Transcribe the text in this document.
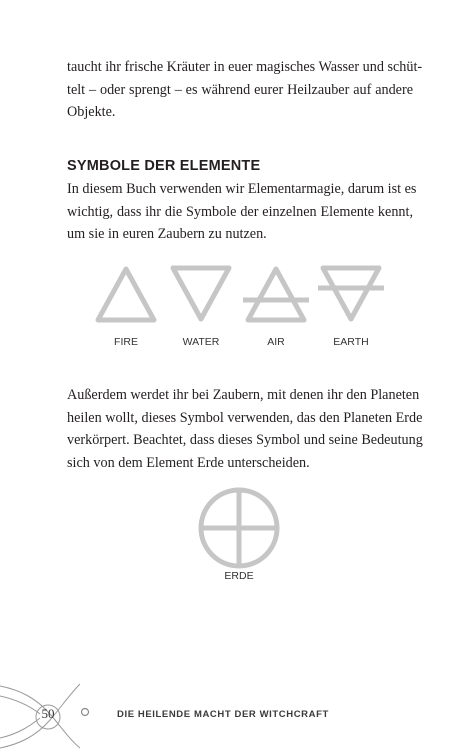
taucht ihr frische Kräuter in euer magisches Wasser und schüt-
telt – oder sprengt – es während eurer Heilzauber auf andere
Objekte.

SYMBOLE DER ELEMENTE

In diesem Buch verwenden wir Elementarmagie, darum ist es
wichtig, dass ihr die Symbole der einzelnen Elemente kennt,
um sie in euren Zaubern zu nutzen.

FIRE	WATER	AIR	EARTH

Außerdem werdet ihr bei Zaubern, mit denen ihr den Planeten
heilen wollt, dieses Symbol verwenden, das den Planeten Erde
verkörpert. Beachtet, dass dieses Symbol und seine Bedeutung
sich von dem Element Erde unterscheiden.

ERDE
50	DIE HEILENDE MACHT DER WITCHCRAFT
